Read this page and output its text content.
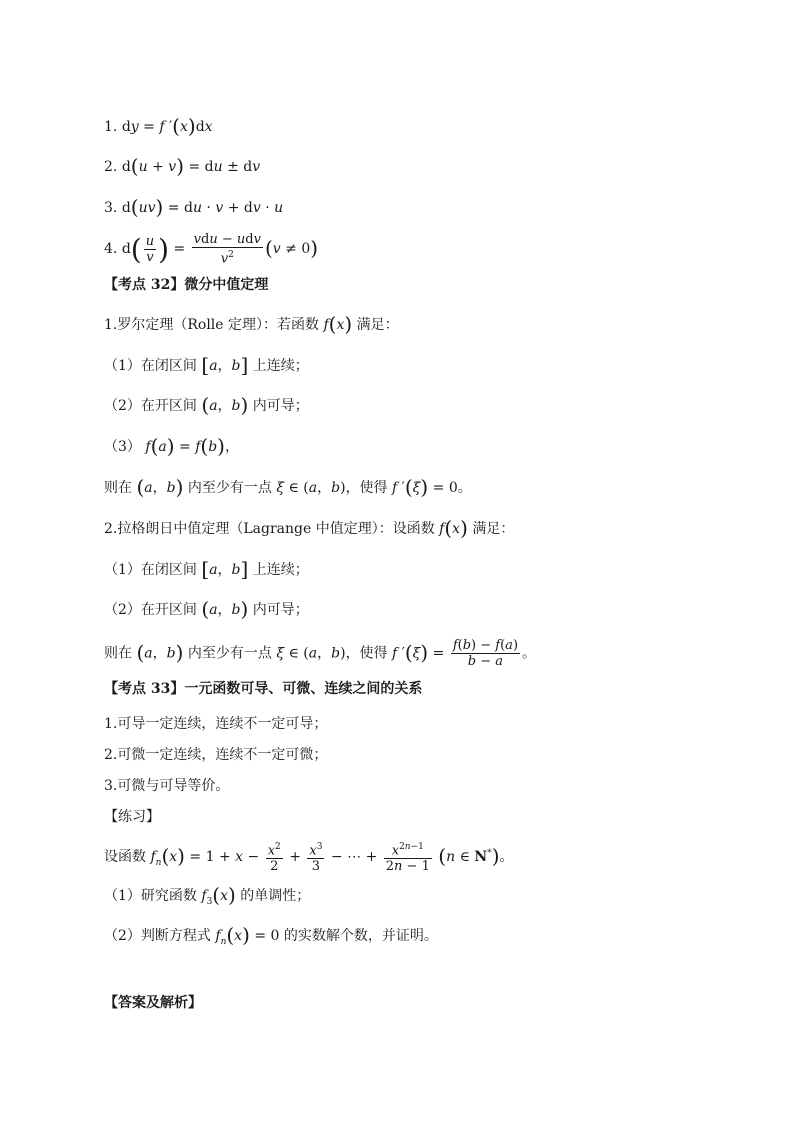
1. dy = f ′(x)dx
2. d(u + v) = du ± dv
3. d(uv) = du · v + dv · u
4. $d( \frac{u}{v}$ ) = $\frac{\text{vdu − udv}}{v^2} (v \ne 0)$
【考点 32】微分中值定理
1.罗尔定理（Rolle 定理）：若函数 f(x) 满足：
（1）在闭区间 [a，b] 上连续；
（2）在开区间 (a，b) 内可导；
（3） f(a) = f(b)，
则在 (a，b) 内至少有一点 ξ ∈ (a，b)，使得 f ′(ξ) = 0。
2.拉格朗日中值定理（Lagrange 中值定理）：设函数 f(x) 满足：
（1）在闭区间 [a，b] 上连续；
（2）在开区间 (a，b) 内可导；
则在 (a，b) 内至少有一点 ξ ∈ (a，b)，使得 f $'(\xi) = \frac{f(b) - f(a)}{b - a}$ 。
【考点 33】一元函数可导、可微、连续之间的关系
1.可导一定连续，连续不一定可导；
2.可微一定连续，连续不一定可微；
3.可微与可导等价。
【练习】
设函数 $f_n(x) = 1 + x - \frac{x^2}{2} + \frac{x^3}{3}$ − ⋯ + $\frac{x^{2n-1}}{2n - 1} (n$ ∈ N*)。
（1）研究函数 $f_3(x)$ 的单调性；
（2）判断方程式 $f_n(x) = 0$ 的实数解个数，并证明。
【答案及解析】
